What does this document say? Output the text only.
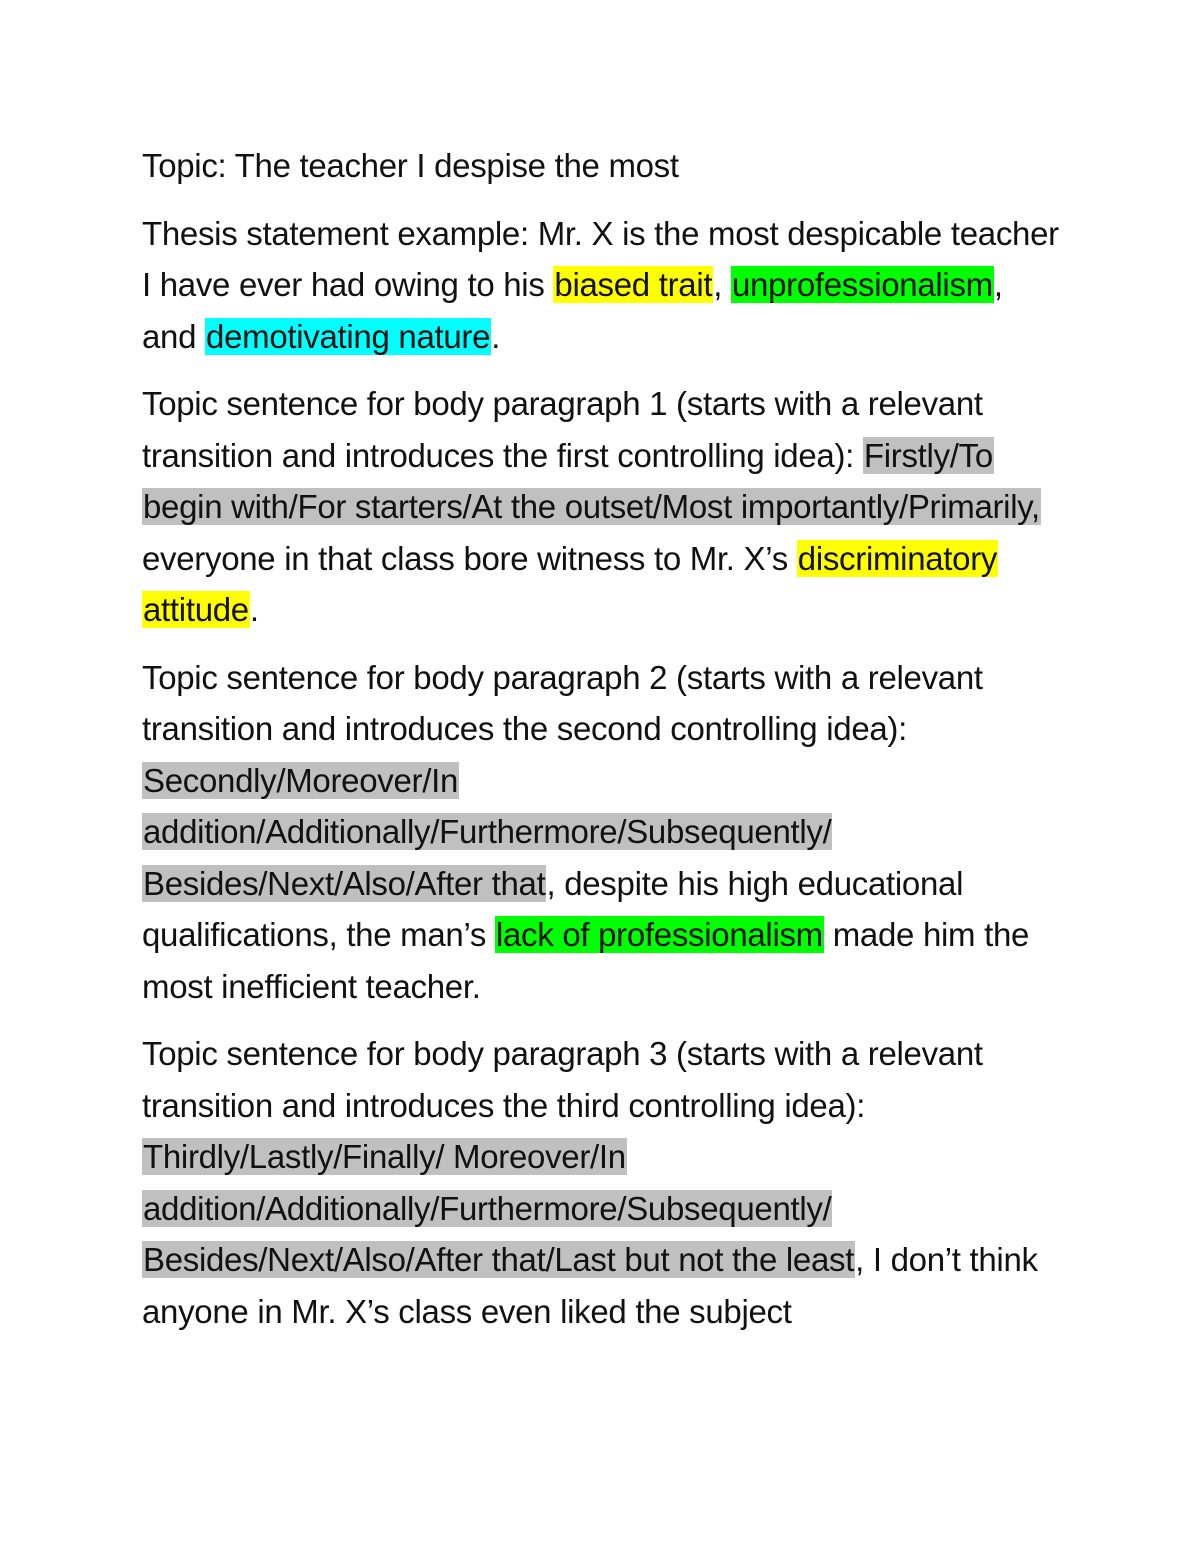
Topic: The teacher I despise the most

Thesis statement example: Mr. X is the most despicable teacher I have ever had owing to his biased trait, unprofessionalism, and demotivating nature.

Topic sentence for body paragraph 1 (starts with a relevant transition and introduces the first controlling idea): Firstly/To begin with/For starters/At the outset/Most importantly/Primarily, everyone in that class bore witness to Mr. X’s discriminatory attitude.

Topic sentence for body paragraph 2 (starts with a relevant transition and introduces the second controlling idea): Secondly/Moreover/In addition/Additionally/Furthermore/Subsequently/ Besides/Next/Also/After that, despite his high educational qualifications, the man’s lack of professionalism made him the most inefficient teacher.

Topic sentence for body paragraph 3 (starts with a relevant transition and introduces the third controlling idea): Thirdly/Lastly/Finally/ Moreover/In addition/Additionally/Furthermore/Subsequently/ Besides/Next/Also/After that/Last but not the least, I don’t think anyone in Mr. X’s class even liked the subject
